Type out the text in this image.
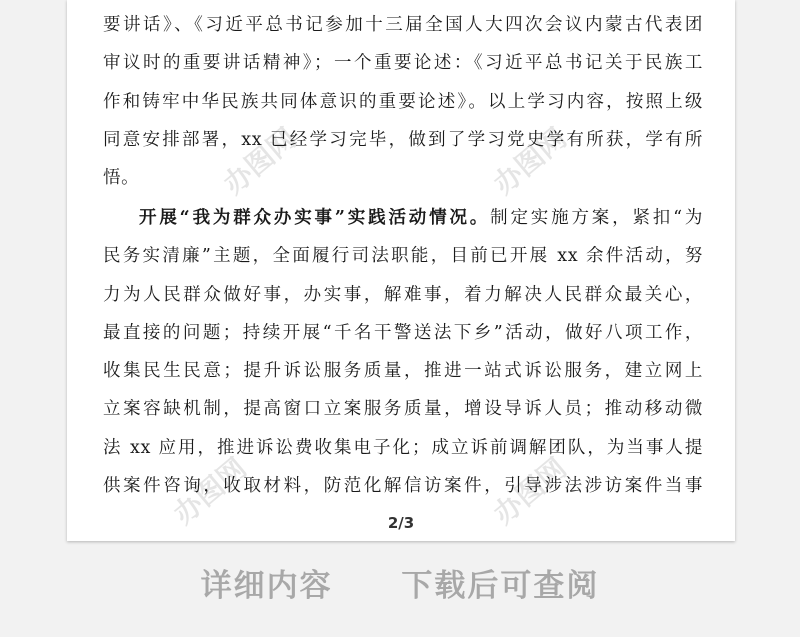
办图网	办图网
办图网	办图网
要讲话》、《习近平总书记参加十三届全国人大四次会议内蒙古代表团
审议时的重要讲话精神》；一个重要论述：《习近平总书记关于民族工
作和铸牢中华民族共同体意识的重要论述》。以上学习内容，按照上级
同意安排部署，xx 已经学习完毕，做到了学习党史学有所获，学有所
悟。
开展“我为群众办实事”实践活动情况。制定实施方案，紧扣“为
民务实清廉”主题，全面履行司法职能，目前已开展 xx 余件活动，努
力为人民群众做好事，办实事，解难事，着力解决人民群众最关心，
最直接的问题；持续开展“千名干警送法下乡”活动，做好八项工作，
收集民生民意；提升诉讼服务质量，推进一站式诉讼服务，建立网上
立案容缺机制，提高窗口立案服务质量，增设导诉人员；推动移动微
法 xx 应用，推进诉讼费收集电子化；成立诉前调解团队，为当事人提
供案件咨询，收取材料，防范化解信访案件，引导涉法涉访案件当事
2/3
详细内容 下载后可查阅
